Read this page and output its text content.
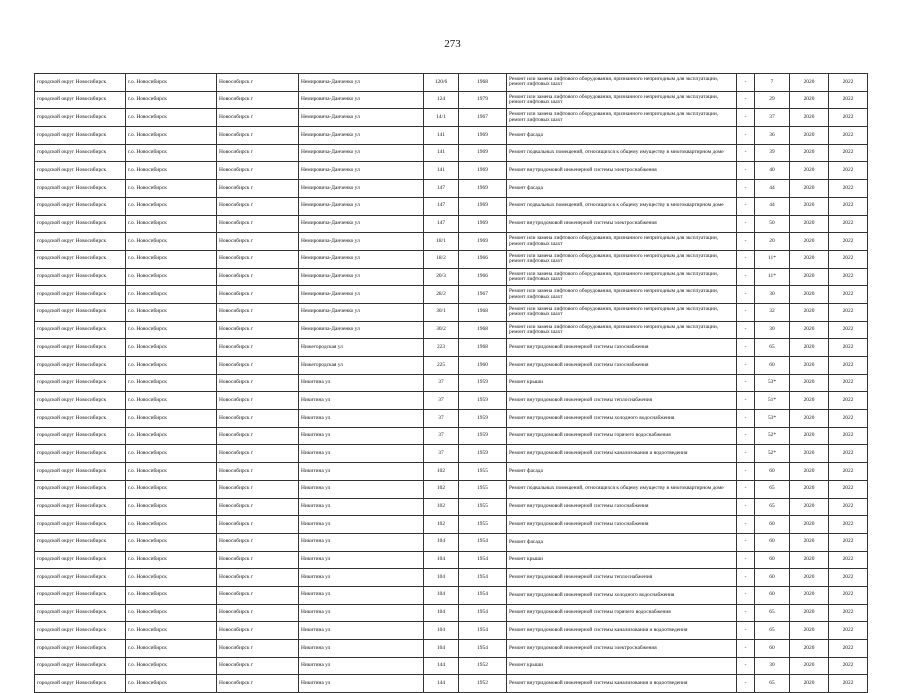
273
городской округ Новосибирск	г.о. Новосибирск	Новосибирск г	Немировича-Данченко ул	120/6	1968	Ремонт или замена лифтового оборудования, признанного непригодным для эксплуатации, ремонт лифтовых шахт	-	7	2020	2022
городской округ Новосибирск	г.о. Новосибирск	Новосибирск г	Немировича-Данченко ул	124	1979	Ремонт или замена лифтового оборудования, признанного непригодным для эксплуатации, ремонт лифтовых шахт	-	29	2020	2022
городской округ Новосибирск	г.о. Новосибирск	Новосибирск г	Немировича-Данченко ул	14/1	1967	Ремонт или замена лифтового оборудования, признанного непригодным для эксплуатации, ремонт лифтовых шахт	-	37	2020	2022
городской округ Новосибирск	г.о. Новосибирск	Новосибирск г	Немировича-Данченко ул	141	1969	Ремонт фасада	-	36	2020	2022
городской округ Новосибирск	г.о. Новосибирск	Новосибирск г	Немировича-Данченко ул	141	1969	Ремонт подвальных помещений, относящихся к общему имуществу в многоквартирном доме	-	39	2020	2022
городской округ Новосибирск	г.о. Новосибирск	Новосибирск г	Немировича-Данченко ул	141	1969	Ремонт внутридомовой инженерной системы электроснабжения	-	40	2020	2022
городской округ Новосибирск	г.о. Новосибирск	Новосибирск г	Немировича-Данченко ул	147	1969	Ремонт фасада	-	44	2020	2022
городской округ Новосибирск	г.о. Новосибирск	Новосибирск г	Немировича-Данченко ул	147	1969	Ремонт подвальных помещений, относящихся к общему имуществу в многоквартирном доме	-	44	2020	2022
городской округ Новосибирск	г.о. Новосибирск	Новосибирск г	Немировича-Данченко ул	147	1969	Ремонт внутридомовой инженерной системы электроснабжения	-	50	2020	2022
городской округ Новосибирск	г.о. Новосибирск	Новосибирск г	Немировича-Данченко ул	18/1	1969	Ремонт или замена лифтового оборудования, признанного непригодным для эксплуатации, ремонт лифтовых шахт	-	20	2020	2022
городской округ Новосибирск	г.о. Новосибирск	Новосибирск г	Немировича-Данченко ул	18/2	1966	Ремонт или замена лифтового оборудования, признанного непригодным для эксплуатации, ремонт лифтовых шахт	-	11*	2020	2022
городской округ Новосибирск	г.о. Новосибирск	Новосибирск г	Немировича-Данченко ул	20/3	1966	Ремонт или замена лифтового оборудования, признанного непригодным для эксплуатации, ремонт лифтовых шахт	-	11*	2020	2022
городской округ Новосибирск	г.о. Новосибирск	Новосибирск г	Немировича-Данченко ул	28/2	1967	Ремонт или замена лифтового оборудования, признанного непригодным для эксплуатации, ремонт лифтовых шахт	-	30	2020	2022
городской округ Новосибирск	г.о. Новосибирск	Новосибирск г	Немировича-Данченко ул	30/1	1968	Ремонт или замена лифтового оборудования, признанного непригодным для эксплуатации, ремонт лифтовых шахт	-	32	2020	2022
городской округ Новосибирск	г.о. Новосибирск	Новосибирск г	Немировича-Данченко ул	30/2	1968	Ремонт или замена лифтового оборудования, признанного непригодным для эксплуатации, ремонт лифтовых шахт	-	30	2020	2022
городской округ Новосибирск	г.о. Новосибирск	Новосибирск г	Нижегородская ул	223	1968	Ремонт внутридомовой инженерной системы газоснабжения	-	65	2020	2022
городской округ Новосибирск	г.о. Новосибирск	Новосибирск г	Нижегородская ул	225	1960	Ремонт внутридомовой инженерной системы газоснабжения	-	60	2020	2022
городской округ Новосибирск	г.о. Новосибирск	Новосибирск г	Никитина ул	37	1959	Ремонт крыши	-	53*	2020	2022
городской округ Новосибирск	г.о. Новосибирск	Новосибирск г	Никитина ул	37	1959	Ремонт внутридомовой инженерной системы теплоснабжения	-	51*	2020	2022
городской округ Новосибирск	г.о. Новосибирск	Новосибирск г	Никитина ул	37	1959	Ремонт внутридомовой инженерной системы холодного водоснабжения	-	53*	2020	2022
городской округ Новосибирск	г.о. Новосибирск	Новосибирск г	Никитина ул	37	1959	Ремонт внутридомовой инженерной системы горячего водоснабжения	-	52*	2020	2022
городской округ Новосибирск	г.о. Новосибирск	Новосибирск г	Никитина ул	37	1959	Ремонт внутридомовой инженерной системы канализования и водоотведения	-	52*	2020	2022
городской округ Новосибирск	г.о. Новосибирск	Новосибирск г	Никитина ул	102	1955	Ремонт фасада	-	60	2020	2022
городской округ Новосибирск	г.о. Новосибирск	Новосибирск г	Никитина ул	102	1955	Ремонт подвальных помещений, относящихся к общему имуществу в многоквартирном доме	-	65	2020	2022
городской округ Новосибирск	г.о. Новосибирск	Новосибирск г	Никитина ул	102	1955	Ремонт внутридомовой инженерной системы газоснабжения	-	65	2020	2022
городской округ Новосибирск	г.о. Новосибирск	Новосибирск г	Никитина ул	102	1955	Ремонт внутридомовой инженерной системы газоснабжения	-	60	2020	2022
городской округ Новосибирск	г.о. Новосибирск	Новосибирск г	Никитина ул	104	1954	Ремонт фасада	-	60	2020	2022
городской округ Новосибирск	г.о. Новосибирск	Новосибирск г	Никитина ул	104	1954	Ремонт крыши	-	60	2020	2022
городской округ Новосибирск	г.о. Новосибирск	Новосибирск г	Никитина ул	104	1954	Ремонт внутридомовой инженерной системы теплоснабжения	-	60	2020	2022
городской округ Новосибирск	г.о. Новосибирск	Новосибирск г	Никитина ул	104	1954	Ремонт внутридомовой инженерной системы холодного водоснабжения	-	60	2020	2022
городской округ Новосибирск	г.о. Новосибирск	Новосибирск г	Никитина ул	104	1954	Ремонт внутридомовой инженерной системы горячего водоснабжения	-	65	2020	2022
городской округ Новосибирск	г.о. Новосибирск	Новосибирск г	Никитина ул	104	1954	Ремонт внутридомовой инженерной системы канализования и водоотведения	-	65	2020	2022
городской округ Новосибирск	г.о. Новосибирск	Новосибирск г	Никитина ул	104	1954	Ремонт внутридомовой инженерной системы электроснабжения	-	60	2020	2022
городской округ Новосибирск	г.о. Новосибирск	Новосибирск г	Никитина ул	144	1952	Ремонт крыши	-	30	2020	2022
городской округ Новосибирск	г.о. Новосибирск	Новосибирск г	Никитина ул	144	1952	Ремонт внутридомовой инженерной системы канализования и водоотведения	-	65	2020	2022
